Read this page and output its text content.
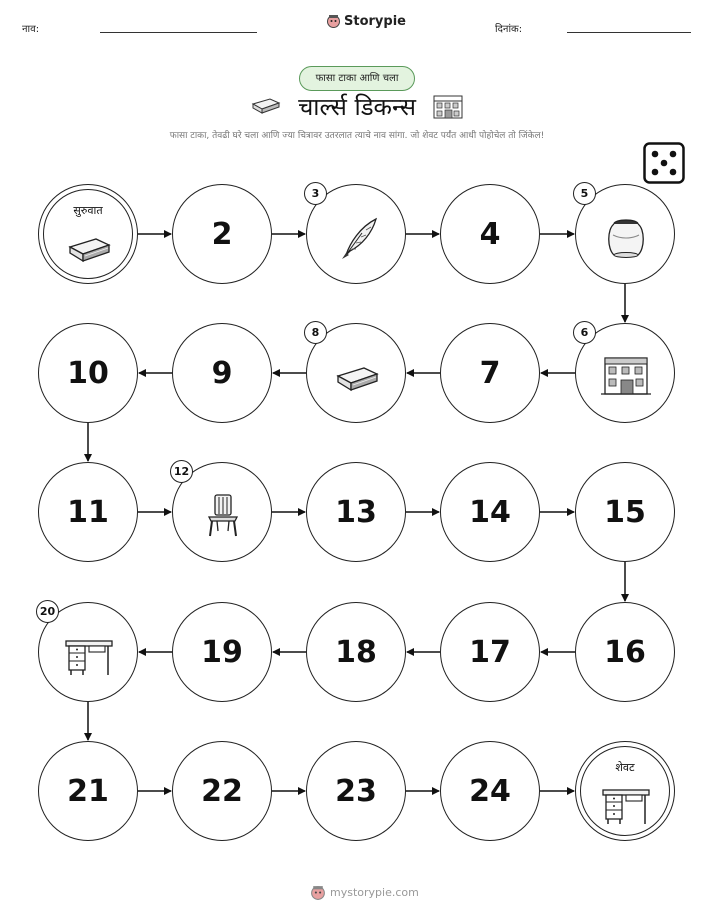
नाव:
Storypie
दिनांक:
फासा टाका आणि चला
चार्ल्स डिकन्स
फासा टाका, तेवढी घरे चला आणि ज्या चित्रावर उतरलात त्याचे नाव सांगा. जो शेवट पर्यंत आधी पोहोचेल तो जिंकेल!
सुरुवात
2
3
4
5
6
7
8
9
10
11
12
13	14	15
16
17
18
19
20
21	22	23	24
शेवट
mystorypie.com
